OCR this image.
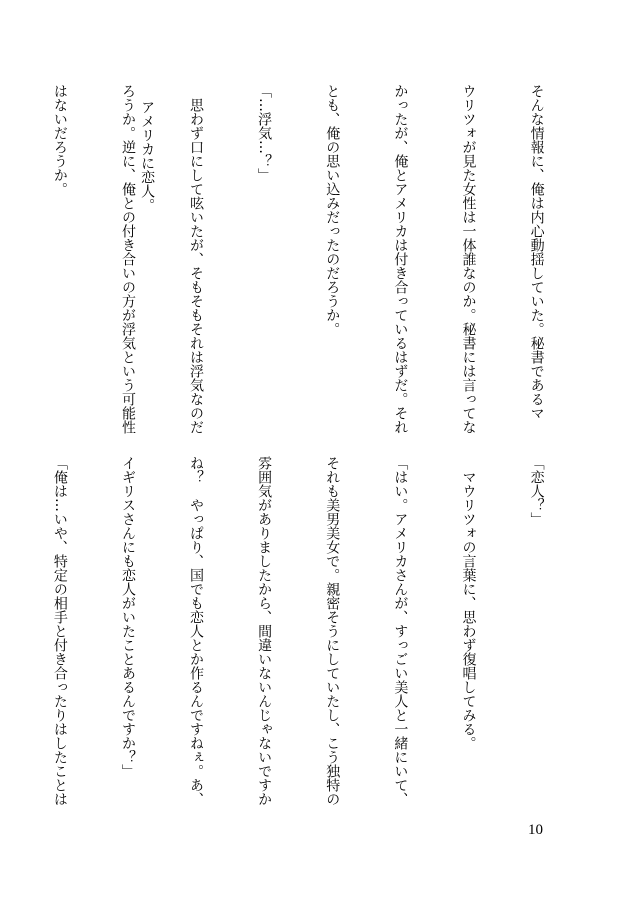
そんな情報に、俺は内心動揺していた。秘書であるマ

ウリツォが見た女性は一体誰なのか。秘書には言ってな

かったが、俺とアメリカは付き合っているはずだ。それ

とも、俺の思い込みだったのだろうか。

「…浮気…？」

　思わず口にして呟いたが、そもそもそれは浮気なのだ

ろうか。逆に、俺との付き合いの方が浮気という可能性

はないだろうか。

	アメリカに恋人。

「恋人？」

　マウリツォの言葉に、思わず復唱してみる。

「はい。アメリカさんが、すっごい美人と一緒にいて、

それも美男美女で。親密そうにしていたし、こう独特の

雰囲気がありましたから、間違いないんじゃないですか

ね？　やっぱり、国でも恋人とか作るんですねぇ。あ、

イギリスさんにも恋人がいたことあるんですか？」

「俺は…いや、特定の相手と付き合ったりはしたことは

10
